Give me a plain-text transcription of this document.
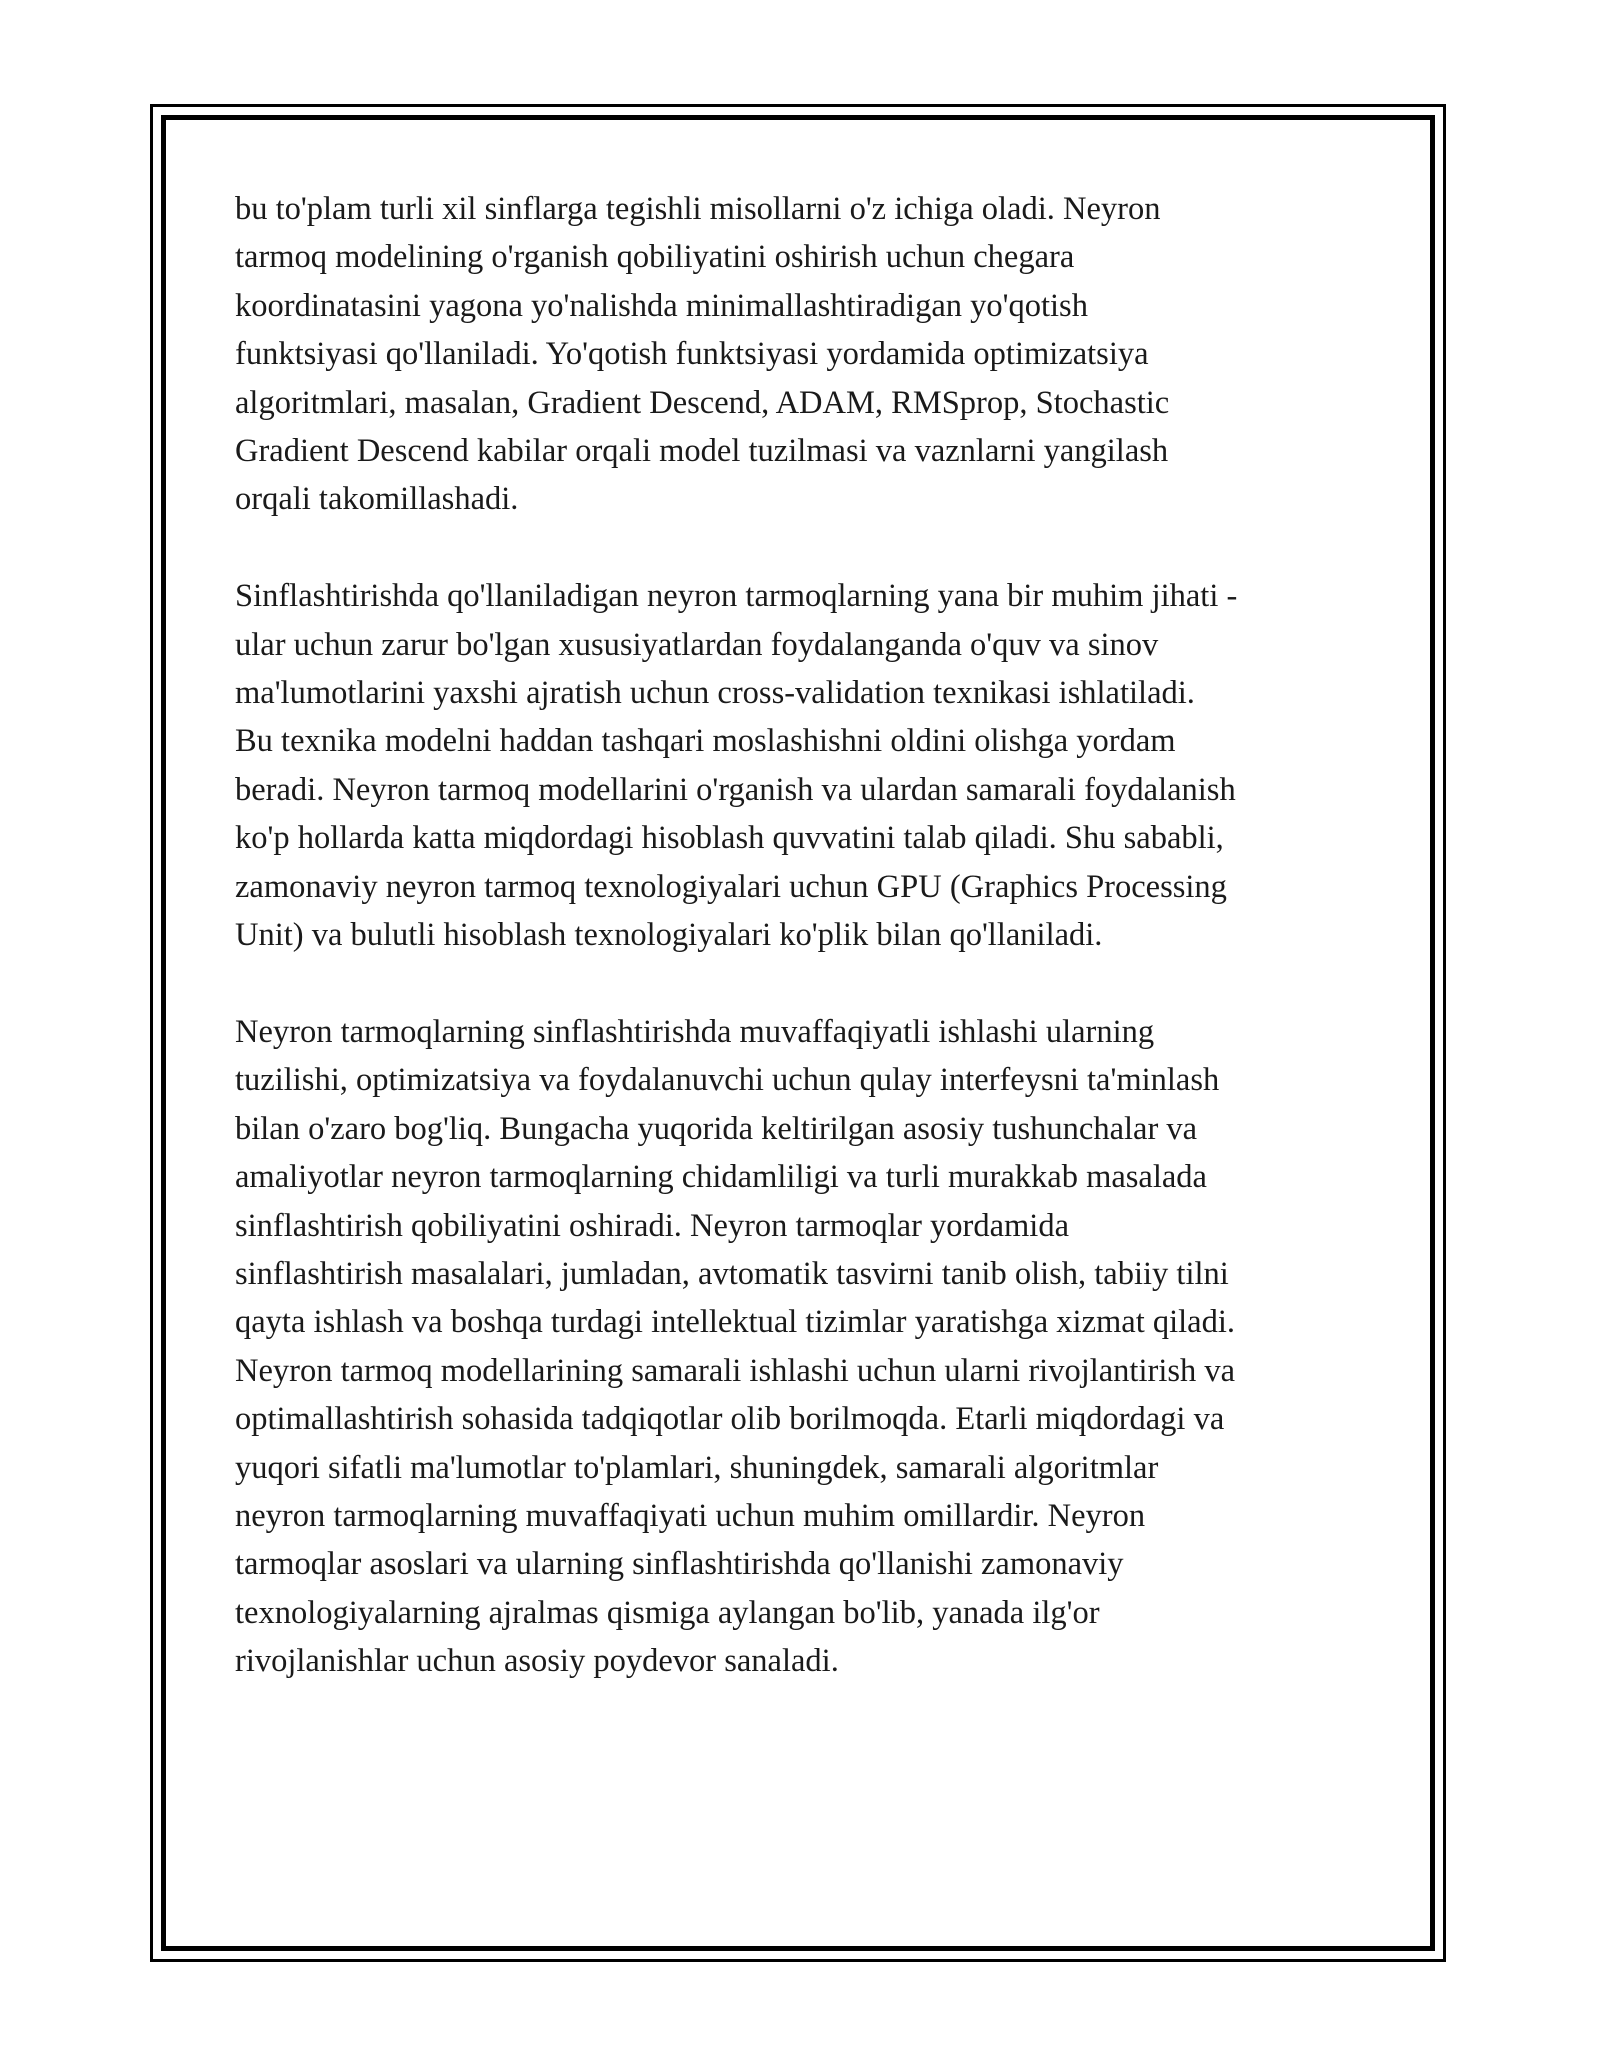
bu to'plam turli xil sinflarga tegishli misollarni o'z ichiga oladi. Neyron
tarmoq modelining o'rganish qobiliyatini oshirish uchun chegara
koordinatasini yagona yo'nalishda minimallashtiradigan yo'qotish
funktsiyasi qo'llaniladi. Yo'qotish funktsiyasi yordamida optimizatsiya
algoritmlari, masalan, Gradient Descend, ADAM, RMSprop, Stochastic
Gradient Descend kabilar orqali model tuzilmasi va vaznlarni yangilash
orqali takomillashadi.

Sinflashtirishda qo'llaniladigan neyron tarmoqlarning yana bir muhim jihati -
ular uchun zarur bo'lgan xususiyatlardan foydalanganda o'quv va sinov
ma'lumotlarini yaxshi ajratish uchun cross-validation texnikasi ishlatiladi.
Bu texnika modelni haddan tashqari moslashishni oldini olishga yordam
beradi. Neyron tarmoq modellarini o'rganish va ulardan samarali foydalanish
ko'p hollarda katta miqdordagi hisoblash quvvatini talab qiladi. Shu sababli,
zamonaviy neyron tarmoq texnologiyalari uchun GPU (Graphics Processing
Unit) va bulutli hisoblash texnologiyalari ko'plik bilan qo'llaniladi.

Neyron tarmoqlarning sinflashtirishda muvaffaqiyatli ishlashi ularning
tuzilishi, optimizatsiya va foydalanuvchi uchun qulay interfeysni ta'minlash
bilan o'zaro bog'liq. Bungacha yuqorida keltirilgan asosiy tushunchalar va
amaliyotlar neyron tarmoqlarning chidamliligi va turli murakkab masalada
sinflashtirish qobiliyatini oshiradi. Neyron tarmoqlar yordamida
sinflashtirish masalalari, jumladan, avtomatik tasvirni tanib olish, tabiiy tilni
qayta ishlash va boshqa turdagi intellektual tizimlar yaratishga xizmat qiladi.
Neyron tarmoq modellarining samarali ishlashi uchun ularni rivojlantirish va
optimallashtirish sohasida tadqiqotlar olib borilmoqda. Etarli miqdordagi va
yuqori sifatli ma'lumotlar to'plamlari, shuningdek, samarali algoritmlar
neyron tarmoqlarning muvaffaqiyati uchun muhim omillardir. Neyron
tarmoqlar asoslari va ularning sinflashtirishda qo'llanishi zamonaviy
texnologiyalarning ajralmas qismiga aylangan bo'lib, yanada ilg'or
rivojlanishlar uchun asosiy poydevor sanaladi.
